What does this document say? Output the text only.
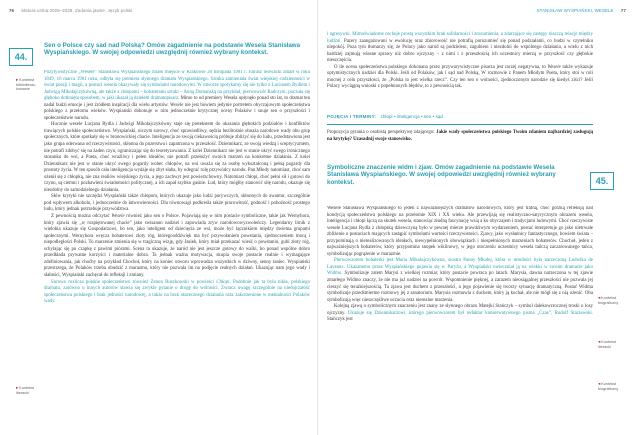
76 Matura ustna 2026–2028. Zadania jawne. Język polski
44.
Sen o Polsce czy sad nad Polską? Omów zagadnienie na podstawie Wesela Stanisława Wyspiańskiego. W swojej odpowiedzi uwzględnij również wybrany kontekst.
▸ Kontekst biblioliterac-kowanie
▸ Kontekst literacki

Pozytywistyczne „Wesele” Stanisława Wyspiańskiego miało miejsce w Krakowie 20 listopada 1901 r. Juliusz Słowacki zmarł w roku 1849, 16 marca 1901 roku, odbyła się premiera słynnego dramatu Wyspiańskiego. Sztuka zamieniała świat wiejskiej codzienności w świat poezji i magii, a postaci wesela okazywały się symbolami narodowymi. W utworze spotykamy się nie tylko z Luciusem Rydlem i Jadwigą Mikołajczykówną, ale także z chłopami – bohaterami sztuki – Anną Domańską na przykład, pierwowzór Radczyni, poczuła się głęboko dotknięta sposobem, w jaki ukazał ją dziełem dramatopisarz. Mimo to od premiery Wesela upłynęło ponad sto lat, to dramat ten nadal budzi emocje i jest źródłem inspiracji dla wielu artystów. Wesele nie jest bowiem jedynie portretem obyczajowym społeczeństwa polskiego z przełomu wieków. Wyspiański dokonuje w nim jednocześnie krytycznej oceny Polaków i snuje sen o przyszłości i społeczeństwie narodu.

Hucznie wesele Lucjana Rydla i Jadwigi Mikołajczykówny staje się pretekstem do ukazania głębokich podziałów i konfliktów trawiących polskie społeczeństwo. Wyspiański, niczym surowy, choć sprawiedliwy, sędzia bezlitośnie obnaża narodowe wady obu grup społecznych, które spotkały się w bronowickiej chacie. Inteligencja ze swoją ciekawością próbuje zbliżyć się do ludu, przedstawiona jest jako grupa oderwana od rzeczywistości, skłonna do pozerstwa i zapatrzona w przeszłość. Dziennikarz, ze swoją wiedzą i sceptycyzmem, nie potrafi zdobyć się na żaden czyn, ograniczając się do teoretyzowania. Z kolei Dziennikarz nie jest w stanie ukryć swego ironicznego stosunku do wsi, a Poeta, choć wrażliwy i pełen ideałów, nie potrafi przełożyć swoich marzeń na konkretne działania. Z kolei Dziennikarz nie jest w stanie ukryć swego pogardy wobec chłopów, na wsi uważa się za osobę wykształconą i pełną pogardy dla prostoty życia. W ten sposób cała inteligencja wydaje się zbyt słaba, by odegrać rolę przywódcy narodu. Pan Młody natomiast, choć sam ożenił się z chłopką, nie zna realiów wiejskiego życia, a jego zachwyt jest powierzchowny. Natomiast chłopi, choć pełni sił i gotowi do czynu, są ciemni i pozbawieni świadomości politycznej, a ich zapał szybko gaśnie. Lud, który mógłby stanowić siłę narodu, okazuje się niezdolny do samodzielnego działania.

Słów krytyki nie szczędzi Wyspiański także chłopom, których ukazuje jako ludzi porywczych, skłonnych do awantur, szczególnie pod wpływem alkoholu, i jednocześnie do łatwowierności. Dla równowagi podkreśla także pracowitość, godność i poboźność prostego ludu, który jednak potrzebuje przywództwa.

Z pewnością można odczytać Wesele również jako sen o Polsce. Pojawiają się w nim postacie symboliczne, takie jak Wernyhora, który zjawia się „w rozpiętowanej chacie” jako swisanun nadziei i zapowiada zryw narodowowyzwoleńczy. Legendarny lirnik z wielobia ukazuje się Gospodarzowi, bo ten, jako inteligent od dziecięcia ze wsi, może być łącznikiem między dwiema grupami społecznymi. Wernyhora wręcza bohaterowi złoty róg, któregooddźwięk ma być przywołaniem powstania, zjednoczeniem mocą i niepodległości Polski. To marzenie zmienia się w tragiczną wizję, gdy Jasiek, który miał przekazać wieść o powstaniu, gubi złoty róg, schylając się po czapkę z pawimi piórami. Scena ta ukazuje, że naród nie jest jeszcze gotowy do walki, bo ponad wspólne dobro przedkłada prywatne korzyści i materialne dobra. Ta jednak ważna motywacja, skupia swoje postacie realnie i wymagające zdefiniowania, jak choćby na przykład Chochoł, który na koniec utworu wprowadza wszystkich w dziwny, senny taniec. Wyspiański przestrzega, że Polaków trzeba obudzić z marazmu, który nie pozwala im na podjęcie realnych działań. Ukazując nam jego wady i słabości, Wyspiański zachęcał do refleksji i zmiany.

Surowo rozlicza polskie społeczeństwo również Zenon Ruszkowski w powieści Chłopi. Podobnie jak ta była nikła, polskiego dramatu, zarówno u innych autorów stawia się zwykle pytanie o drogę do wolności. Zwraca uwagę szczególnie na niedojrzałość społeczeństwa polskiego i brak jedności narodowej, a także na brak skutecznego działania oraz zakorzenione w mentalności Polaków wady.

STANISŁAW WYSPIAŃSKI, WESELE 77

i agresywni. Mimoświadome cechuje prostą wszystkim brak solidarności i zrozumienia, a zdarzające się zastępy niszczą relacje między ludźmi. Pazery zaangażowani w ewolucję oraz zbiorowość nie potrafią porozumieć się ponad podziałami, co budzi w czytelniku niepokój. Poza tym tłumaczy się, że Polacy jako naród są podzieleni, zagubieni i niezdolni do wspólnego działania, a wielu z nich bardziej zajmują własne sprawy niż dobro ojczyzny – z nimi i z przeszłością ich uczestnicy mierzą w przyszłość czy głębokie nieszczęścia.

O ile ocena społeczeństwa polskiego dokonana przez przywarywistyczne pisarza jest raczej negatywna, to Wesele także wykazuje optymistycznych nadziei dla Polski. Jeśli od Polaków, jak i sąd nad Polską, W rozmowie z Panem Młodym Poeta, który stoi w roli mocnej z celu przyszłości, że „Polska to jest wielka rzecz”. Czy ten sen o wolności, zjednoczonym narodzie się kiedyś ziści? Jeśli Polacy wyciągną wnioski z popełnionych błędów, to z pewnością tak.

POJĘCIA I TERMINY: chłopi • inteligencja • sen • sąd

Propozycja pytania o osobistą perspektywę zdającego: Jakie wady społeczeństwa polskiego Twoim zdaniem najbardziej zasługują na krytykę? Uzasadnij swoje stanowisko.

Symboliczne znaczenie widm i zjaw. Omów zagadnienie na podstawie Wesela Stanisława Wyspiańskiego. W swojej odpowiedzi uwzględnij również wybrany kontekst.	45.
◂ Kontekst biograficzny
◂ Kontekst literacki
◂ Kontekst biograficzny

Wesele Stanisława Wyspiańskiego to jeden z najważniejszych dramatów narodowych, który jest trafną, choć gorzką refleksją nad kondycją społeczeństwa polskiego na przełomie XIX i XX wieku. Ale przewijają się realistyczno-satyrycznym obrazem wesela, inteligencja i chłopi łączą na skutek wesela, stanowiąc złudną fascynację wsią a ku obyczajem i tradycjami ludowymi. Choć rzeczywiste wesele Lucjana Rydla z chłopską dziewczyną było w pewnej mierze prawdziwym wydarzeniem, postać interpretuje go jako nietrwałe zbliżenie o postaciach mających zastąpić symbolami wartości rzeczywistości. Zjawy, jako wysłannicy fantastycznego, bowiem świata – przypominają o nierealizowanych ideałach, niewypełnionych obowiązkach i niespełnionych marzeniach bohaterów. Chochoł, jeden z najważniejszych bohaterów, który przypomina snopek wiklinowy, w jego otoczeniu uczestnicy wesela tańczą zaczarowanego tańca, symbolizując pogrążenie w marazmie.

Pierwowzorem bohaterki jest Maria Mikołajczykówna, siostra Panny Młodej, która w młodości była narzeczoną Ludwika de Laveaux. Ukazanemu przez Wyspiańskiego pojawia się w Paryżu, a Wyspiański uwieczniał ją na wiekki w swoim dramacie jako Widmo. Symbolizuje zatem Marysi z wielkiej rozmiar, który postacie powraca po latach. Marysia, dawna narzeczona w tej zjawie zmarłego Widmo znaczy, że nie ma już nadziei na powrót. Wspomnienie pięknej, a zarazem nieosiągalnej przeszłości nie pozwala jej cieszyć się teraźniejszością. Ta zjawa jest duchem z przeszłości, a jego pojawienie się tworzy sytuację dramatyczną. Postać Widma symbolizuje przedśmiertne rozmowy jej z sanatorium. Marysia rozmawia z duchem, który ją kochał, ale nie mógł się z nią ożenić. Oba symbolizują więc nieszczęśliwe uczucia oraz nierealne marzenia.

Kolejną zjawą o symbolicznym znaczeniu jest znany ze słynnego obrazu Matejki Stańczyk – symbol dalekowzrocznej troski o losy ojczyzny. Ukazuje się Dziennikarzowi, którego pierwowzorem był redaktor konserwatywnego pisma „Czas”, Rudolf Starzewski. Stańczyk jest
